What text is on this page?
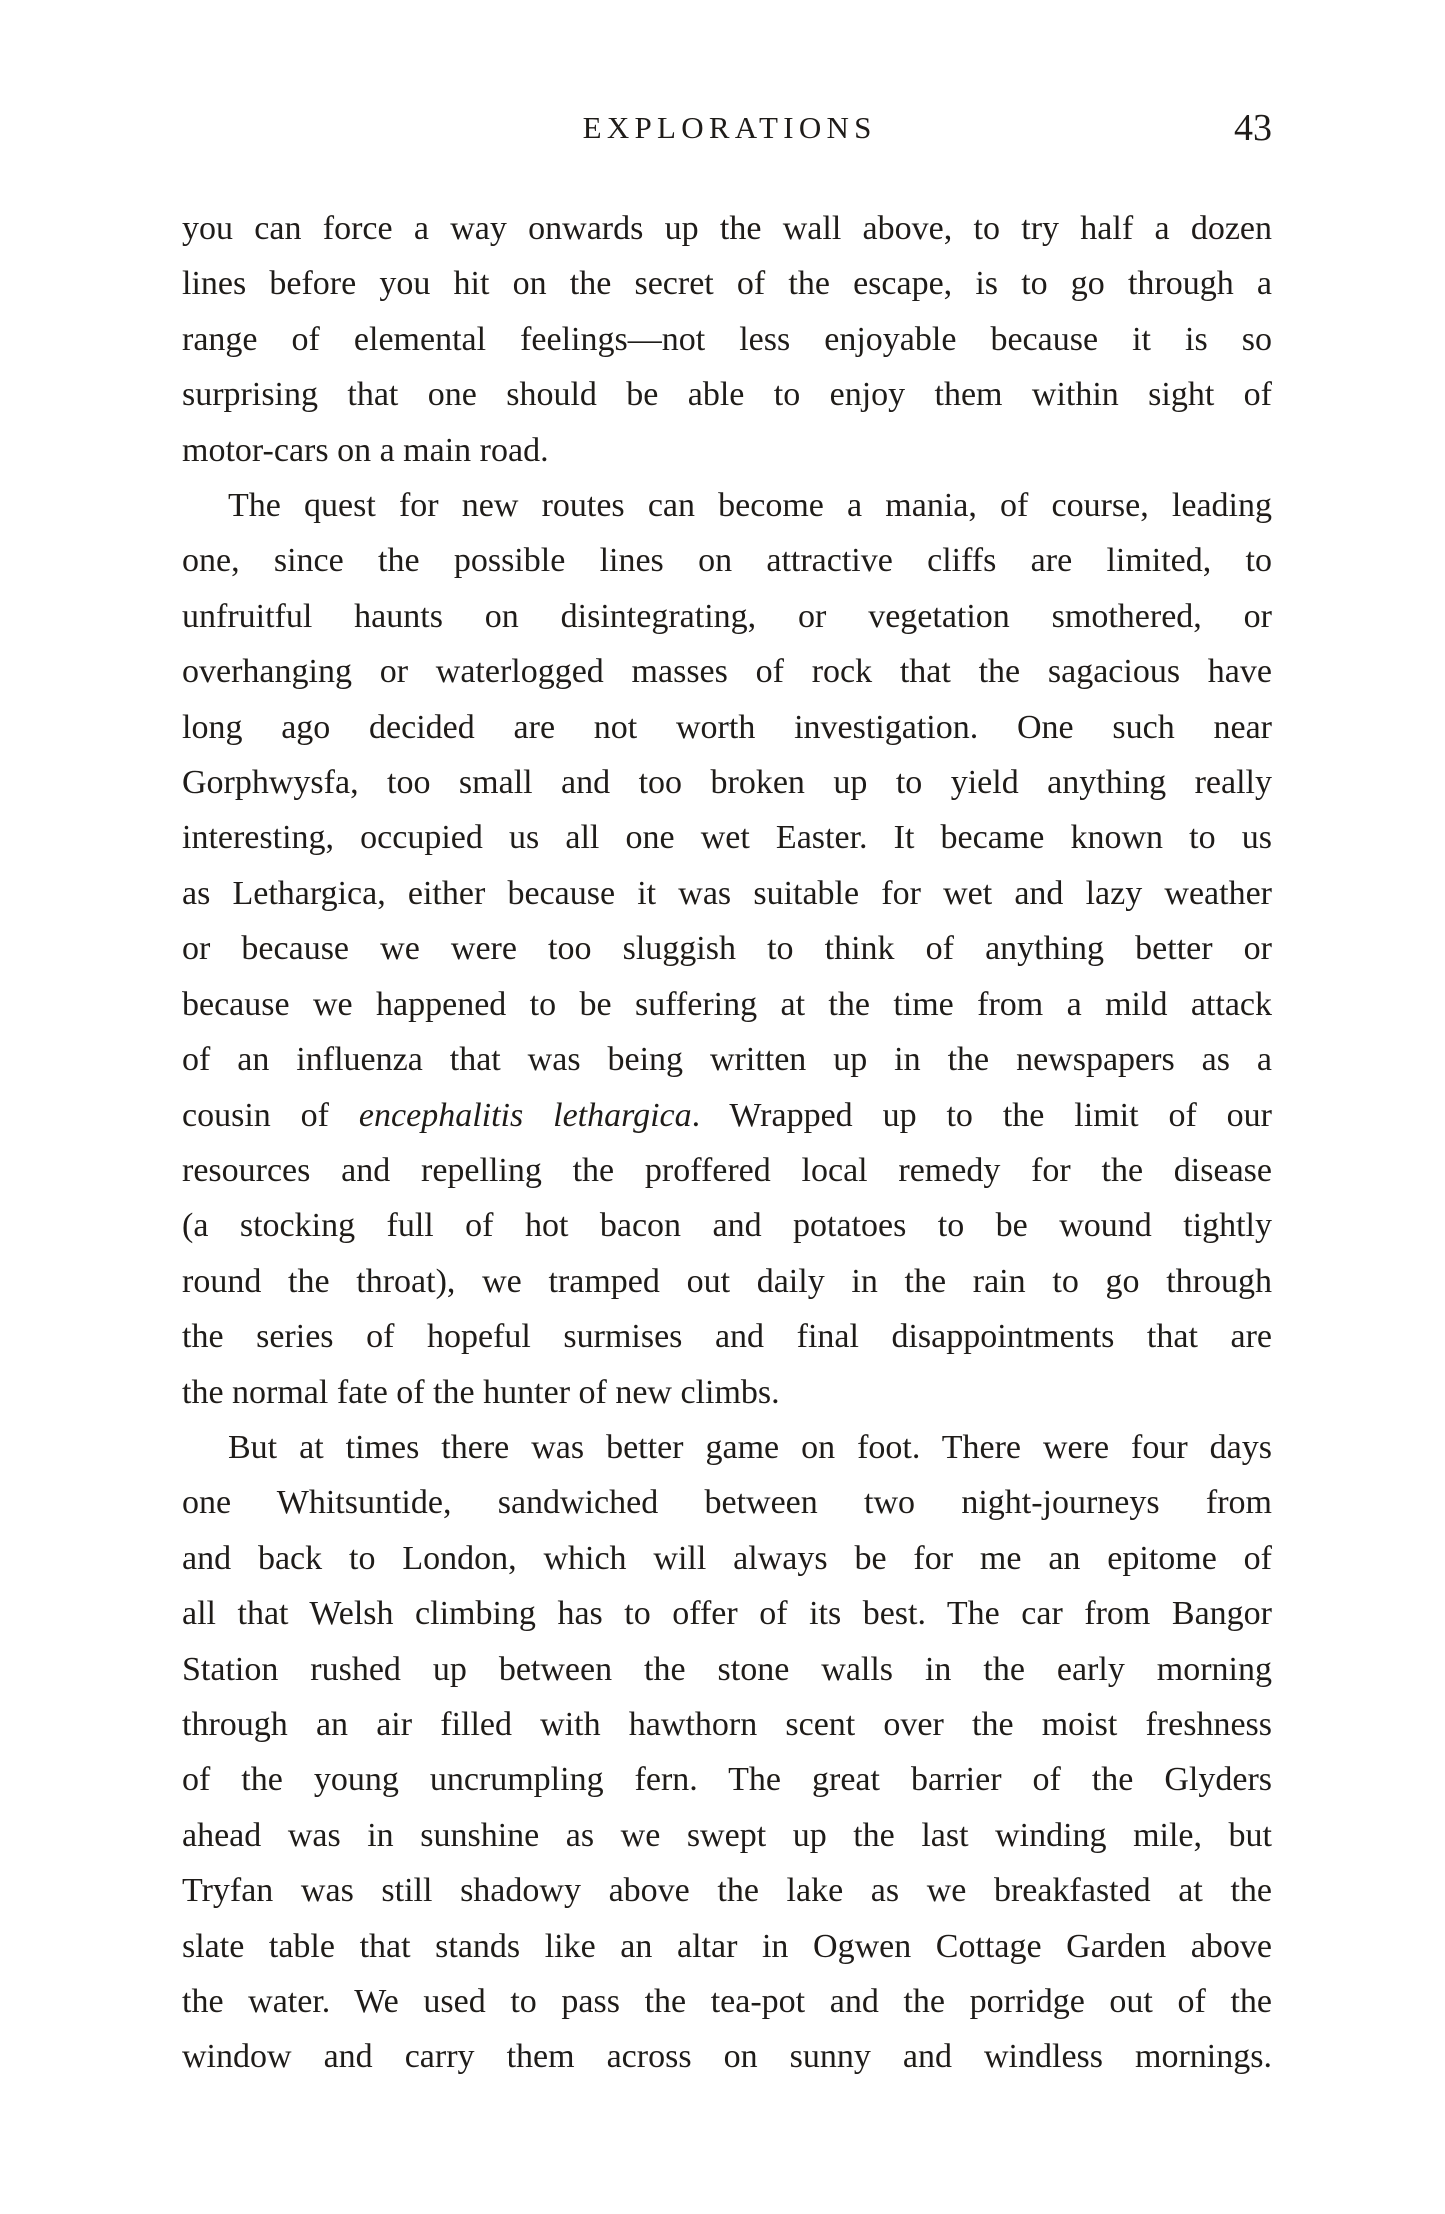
EXPLORATIONS	43
you can force a way onwards up the wall above, to try half a dozen
lines before you hit on the secret of the escape, is to go through a
range of elemental feelings—not less enjoyable because it is so
surprising that one should be able to enjoy them within sight of
motor-cars on a main road.
The quest for new routes can become a mania, of course, leading
one, since the possible lines on attractive cliffs are limited, to
unfruitful haunts on disintegrating, or vegetation smothered, or
overhanging or waterlogged masses of rock that the sagacious have
long ago decided are not worth investigation. One such near
Gorphwysfa, too small and too broken up to yield anything really
interesting, occupied us all one wet Easter. It became known to us
as Lethargica, either because it was suitable for wet and lazy weather
or because we were too sluggish to think of anything better or
because we happened to be suffering at the time from a mild attack
of an influenza that was being written up in the newspapers as a
cousin of encephalitis lethargica. Wrapped up to the limit of our
resources and repelling the proffered local remedy for the disease
(a stocking full of hot bacon and potatoes to be wound tightly
round the throat), we tramped out daily in the rain to go through
the series of hopeful surmises and final disappointments that are
the normal fate of the hunter of new climbs.
But at times there was better game on foot. There were four days
one Whitsuntide, sandwiched between two night-journeys from
and back to London, which will always be for me an epitome of
all that Welsh climbing has to offer of its best. The car from Bangor
Station rushed up between the stone walls in the early morning
through an air filled with hawthorn scent over the moist freshness
of the young uncrumpling fern. The great barrier of the Glyders
ahead was in sunshine as we swept up the last winding mile, but
Tryfan was still shadowy above the lake as we breakfasted at the
slate table that stands like an altar in Ogwen Cottage Garden above
the water. We used to pass the tea-pot and the porridge out of the
window and carry them across on sunny and windless mornings.
